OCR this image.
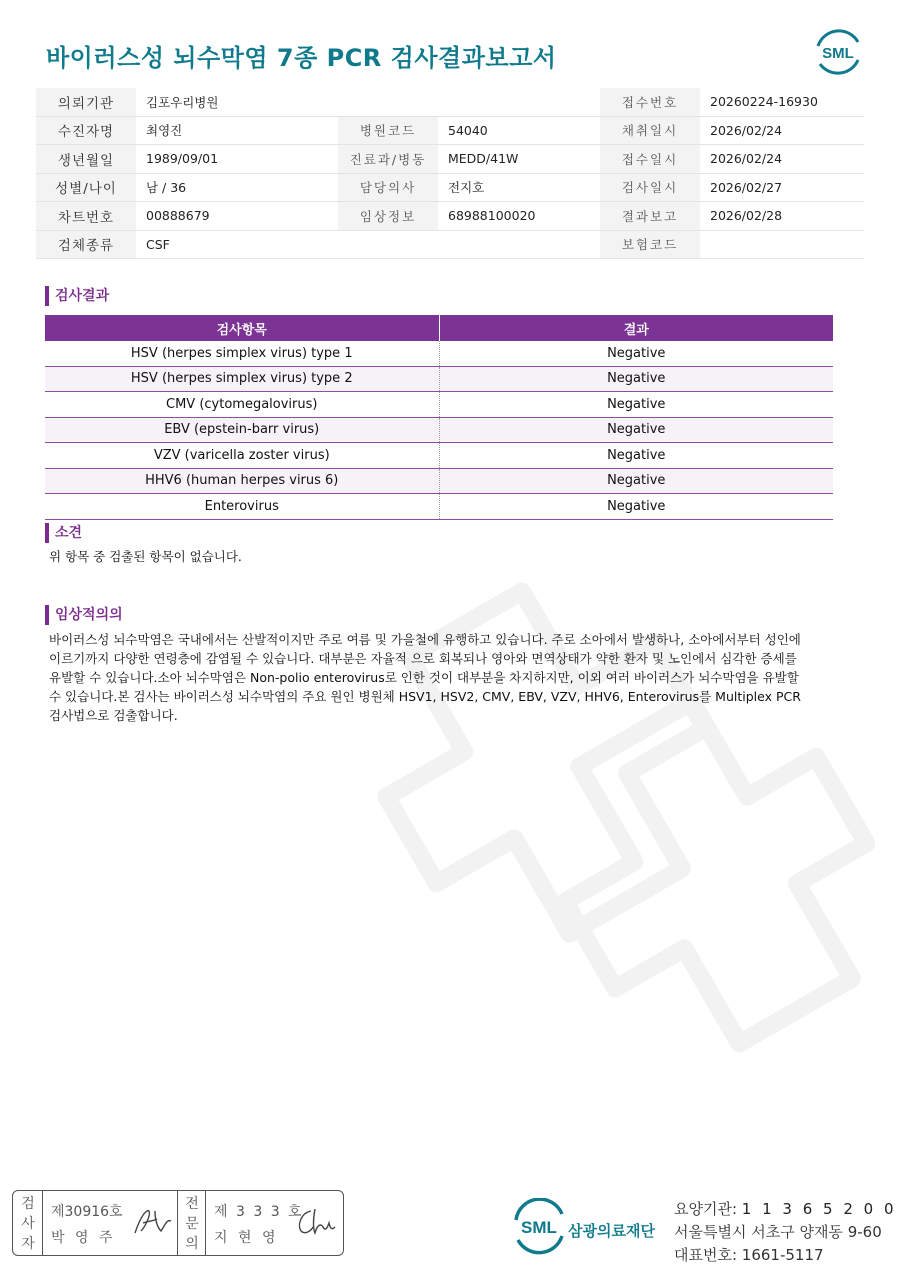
바이러스성 뇌수막염 7종 PCR 검사결과보고서	SML
의뢰기관	김포우리병원			접수번호	20260224-16930
수진자명	최영진	병원코드	54040	채취일시	2026/02/24
생년월일	1989/09/01	진료과/병동	MEDD/41W	접수일시	2026/02/24
성별/나이	남 / 36	담당의사	전지호	검사일시	2026/02/27
차트번호	00888679	임상정보	68988100020	결과보고	2026/02/28
검체종류	CSF			보험코드	
검사결과
검사항목	결과
HSV (herpes simplex virus) type 1	Negative
HSV (herpes simplex virus) type 2	Negative
CMV (cytomegalovirus)	Negative
EBV (epstein-barr virus)	Negative
VZV (varicella zoster virus)	Negative
HHV6 (human herpes virus 6)	Negative
Enterovirus	Negative
소견
위 항목 중 검출된 항목이 없습니다.
임상적의의
바이러스성 뇌수막염은 국내에서는 산발적이지만 주로 여름 및 가을철에 유행하고 있습니다. 주로 소아에서 발생하나, 소아에서부터 성인에
이르기까지 다양한 연령층에 감염될 수 있습니다. 대부분은 자율적 으로 회복되나 영아와 면역상태가 약한 환자 및 노인에서 심각한 증세를
유발할 수 있습니다.소아 뇌수막염은 Non-polio enterovirus로 인한 것이 대부분을 차지하지만, 이외 여러 바이러스가 뇌수막염을 유발할
수 있습니다.본 검사는 바이러스성 뇌수막염의 주요 원인 병원체 HSV1, HSV2, CMV, EBV, VZV, HHV6, Enterovirus를 Multiplex PCR
검사법으로 검출합니다.
검
사
자
제30916호
박 영 주
전
문
의
제 3 3 3 호
지 현 영
SML 삼광의료재단
요양기관: 1 1 3 6 5 2 0 0
서울특별시 서초구 양재동 9-60
대표번호: 1661-5117
